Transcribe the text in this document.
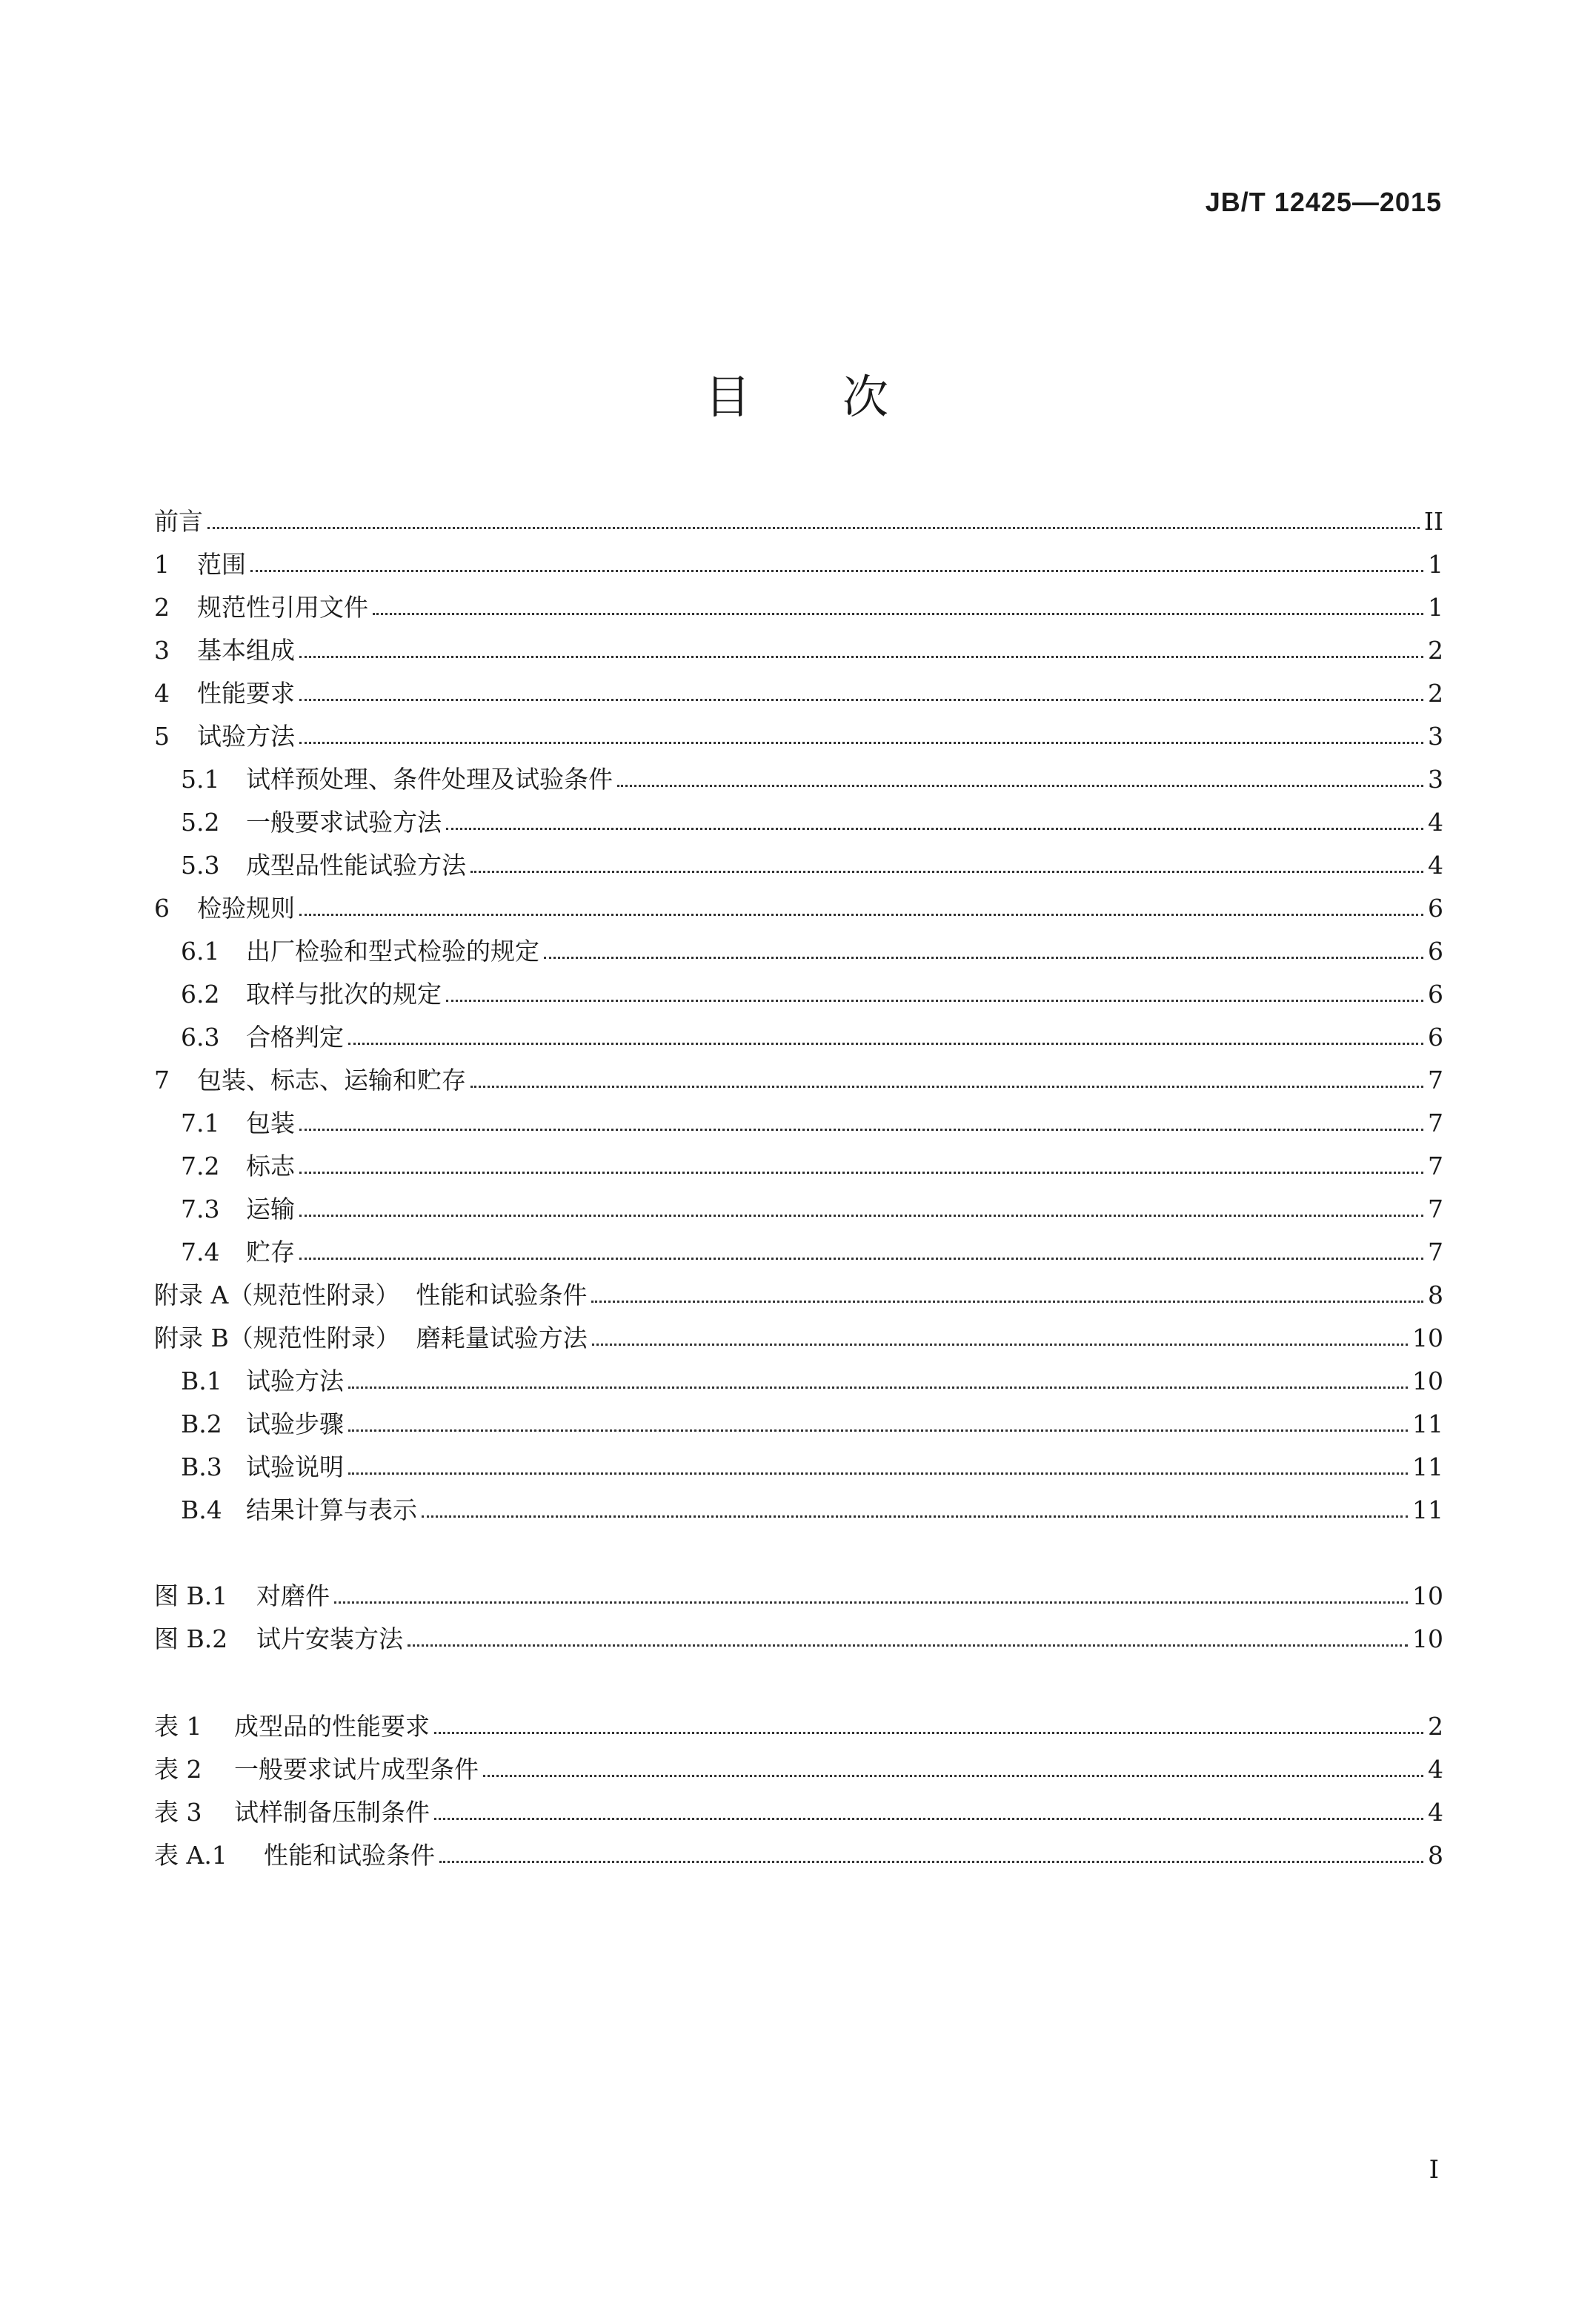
JB/T 12425—2015
目 次
前言	II
1	范围	1
2	规范性引用文件	1
3	基本组成	2
4	性能要求	2
5	试验方法	3
5.1	试样预处理、条件处理及试验条件	3
5.2	一般要求试验方法	4
5.3	成型品性能试验方法	4
6	检验规则	6
6.1	出厂检验和型式检验的规定	6
6.2	取样与批次的规定	6
6.3	合格判定	6
7	包装、标志、运输和贮存	7
7.1	包装	7
7.2	标志	7
7.3	运输	7
7.4	贮存	7
附录 A（规范性附录） 性能和试验条件	8
附录 B（规范性附录） 磨耗量试验方法	10
B.1 试验方法	10
B.2 试验步骤	11
B.3 试验说明	11
B.4 结果计算与表示	11
图 B.1	对磨件	10
图 B.2	试片安装方法	10
表 1	成型品的性能要求	2
表 2	一般要求试片成型条件	4
表 3	试样制备压制条件	4
表 A.1	性能和试验条件	8
I
